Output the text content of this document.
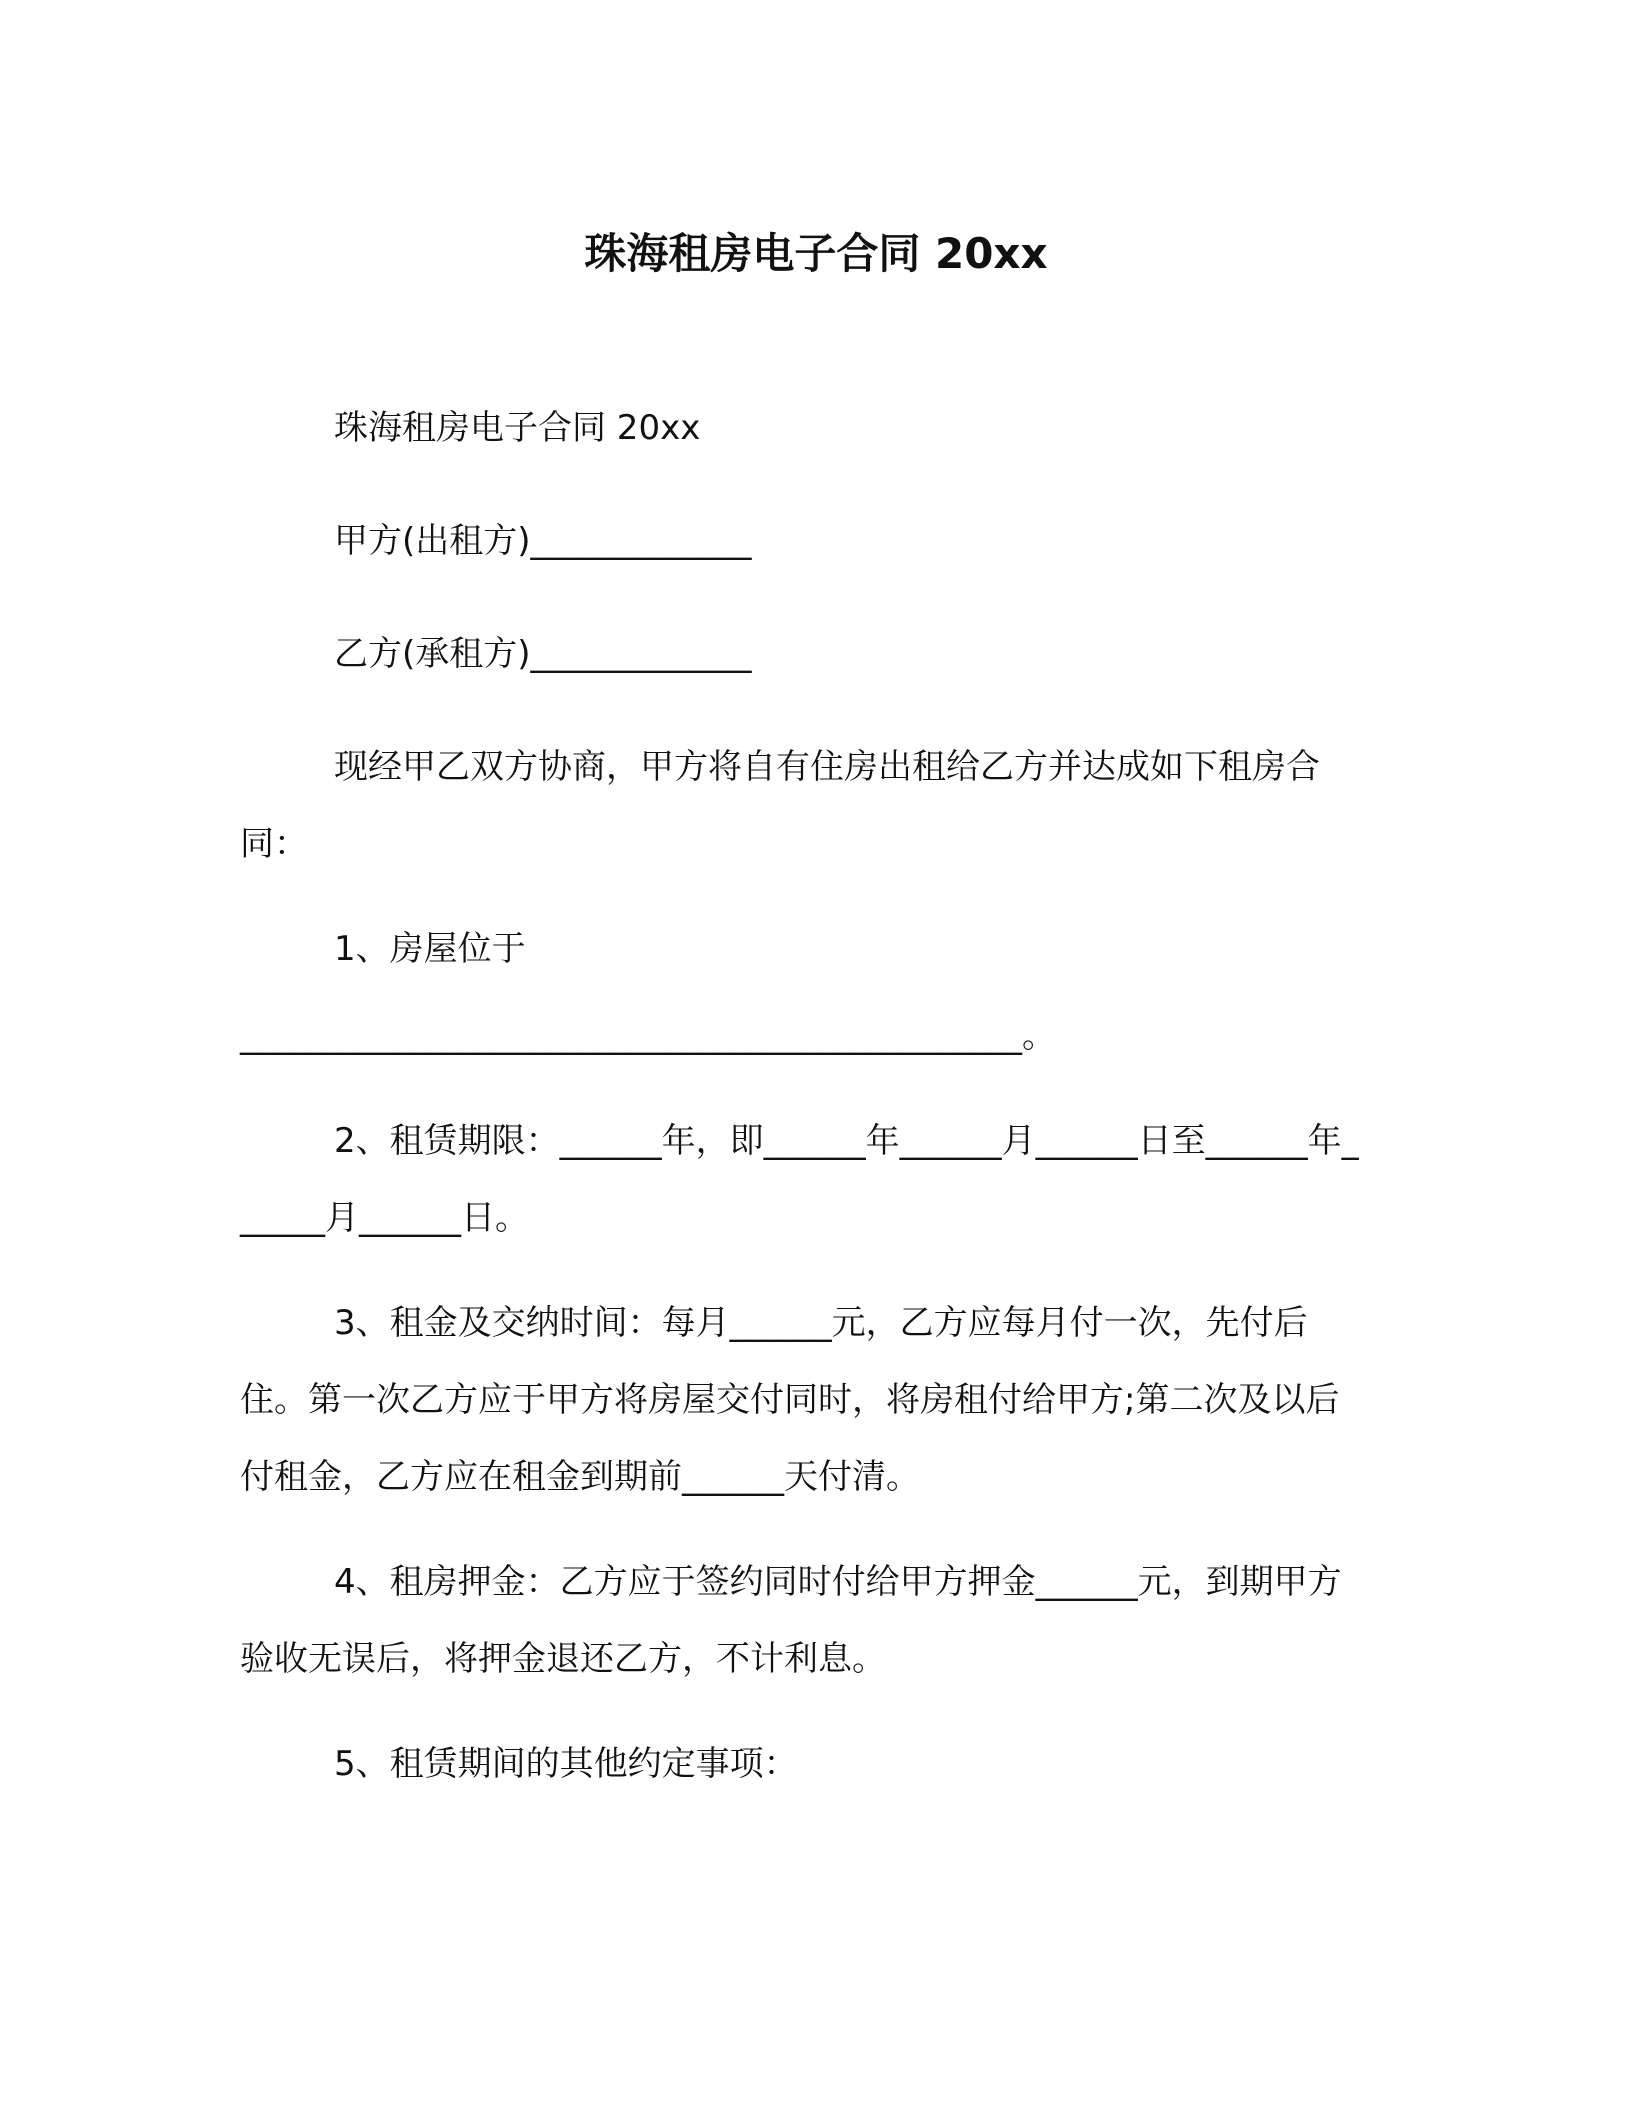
珠海租房电子合同 20xx

珠海租房电子合同 20xx

甲方(出租方)_____________

乙方(承租方)_____________

现经甲乙双方协商，甲方将自有住房出租给乙方并达成如下租房合同：

1、房屋位于

______________________________________________。

2、租赁期限：______年，即______年______月______日至______年______月______日。

3、租金及交纳时间：每月______元，乙方应每月付一次，先付后住。第一次乙方应于甲方将房屋交付同时，将房租付给甲方;第二次及以后付租金，乙方应在租金到期前______天付清。

4、租房押金：乙方应于签约同时付给甲方押金______元，到期甲方验收无误后，将押金退还乙方，不计利息。

5、租赁期间的其他约定事项：
